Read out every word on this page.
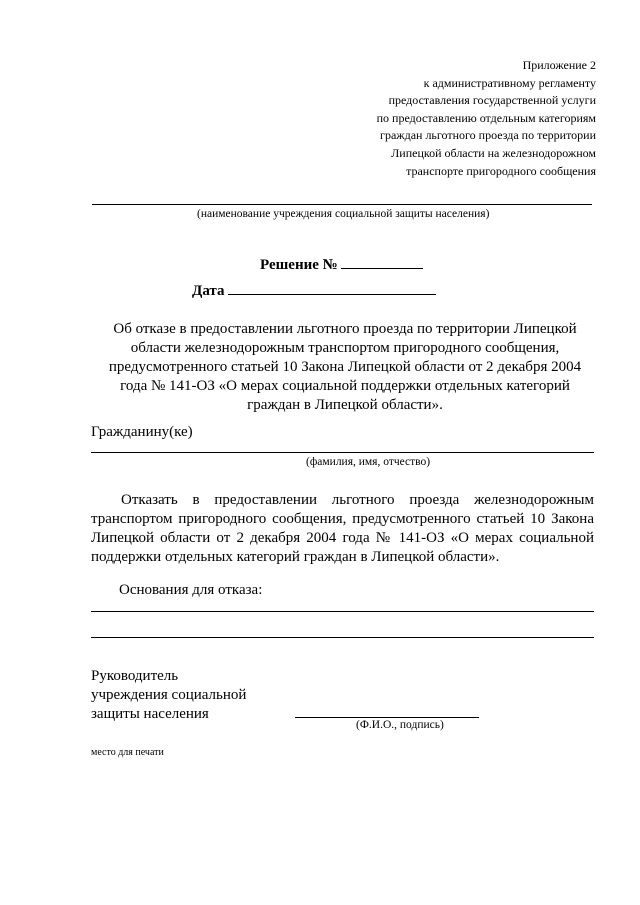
Приложение 2
к административному регламенту
предоставления государственной услуги
по предоставлению отдельным категориям
граждан льготного проезда по территории
Липецкой области на железнодорожном
транспорте пригородного сообщения
(наименование учреждения социальной защиты населения)
Решение №
Дата
Об отказе в предоставлении льготного проезда по территории Липецкой
области железнодорожным транспортом пригородного сообщения,
предусмотренного статьей 10 Закона Липецкой области от 2 декабря 2004
года № 141-ОЗ «О мерах социальной поддержки отдельных категорий
граждан в Липецкой области».
Гражданину(ке)
(фамилия, имя, отчество)
Отказать в предоставлении льготного проезда железнодорожным
транспортом пригородного сообщения, предусмотренного статьей 10 Закона
Липецкой области от 2 декабря 2004 года № 141-ОЗ «О мерах социальной
поддержки отдельных категорий граждан в Липецкой области».
Основания для отказа:
Руководитель
учреждения социальной
защиты населения
(Ф.И.О., подпись)
место для печати
